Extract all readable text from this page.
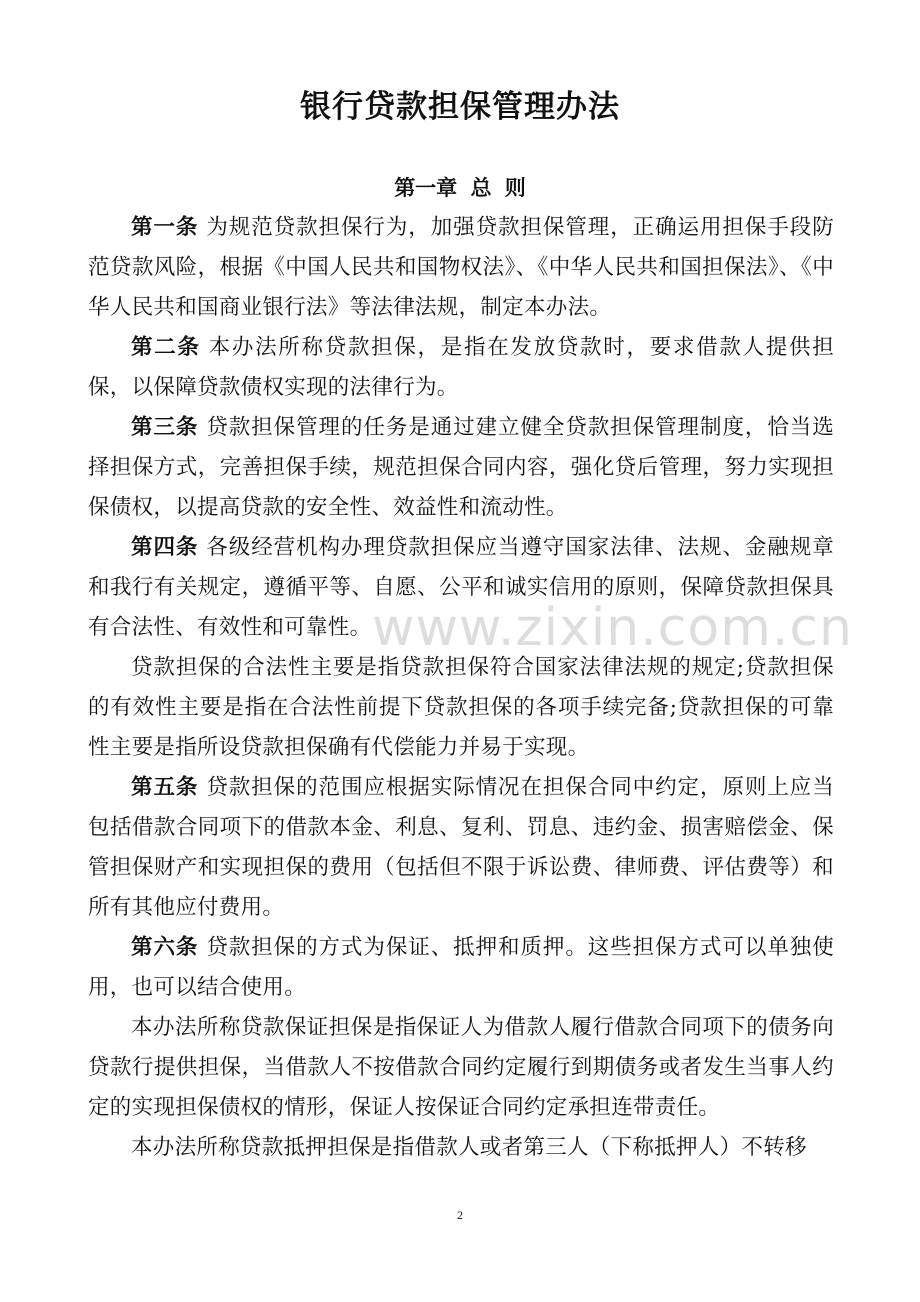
银行贷款担保管理办法
第一章 总 则

第一条 为规范贷款担保行为，加强贷款担保管理，正确运用担保手段防范贷款风险，根据《中国人民共和国物权法》、《中华人民共和国担保法》、《中华人民共和国商业银行法》等法律法规，制定本办法。

第二条 本办法所称贷款担保，是指在发放贷款时，要求借款人提供担保，以保障贷款债权实现的法律行为。

第三条 贷款担保管理的任务是通过建立健全贷款担保管理制度，恰当选择担保方式，完善担保手续，规范担保合同内容，强化贷后管理，努力实现担保债权，以提高贷款的安全性、效益性和流动性。

第四条 各级经营机构办理贷款担保应当遵守国家法律、法规、金融规章和我行有关规定，遵循平等、自愿、公平和诚实信用的原则，保障贷款担保具有合法性、有效性和可靠性。

贷款担保的合法性主要是指贷款担保符合国家法律法规的规定;贷款担保的有效性主要是指在合法性前提下贷款担保的各项手续完备;贷款担保的可靠性主要是指所设贷款担保确有代偿能力并易于实现。

第五条 贷款担保的范围应根据实际情况在担保合同中约定，原则上应当包括借款合同项下的借款本金、利息、复利、罚息、违约金、损害赔偿金、保管担保财产和实现担保的费用（包括但不限于诉讼费、律师费、评估费等）和所有其他应付费用。

第六条 贷款担保的方式为保证、抵押和质押。这些担保方式可以单独使用，也可以结合使用。

本办法所称贷款保证担保是指保证人为借款人履行借款合同项下的债务向贷款行提供担保，当借款人不按借款合同约定履行到期债务或者发生当事人约定的实现担保债权的情形，保证人按保证合同约定承担连带责任。

本办法所称贷款抵押担保是指借款人或者第三人（下称抵押人）不转移

www.zixin.com.cn
2
